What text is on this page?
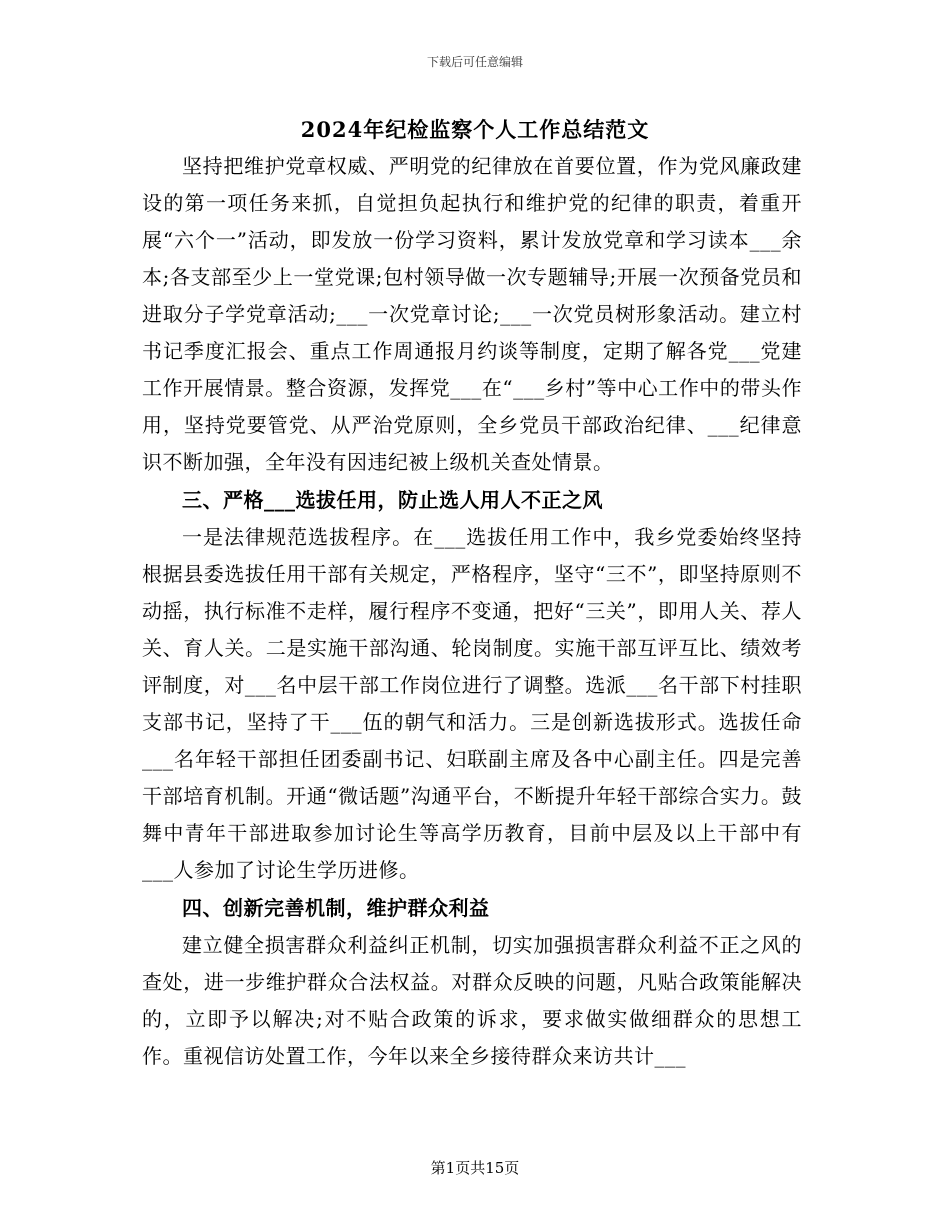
下载后可任意编辑
2024年纪检监察个人工作总结范文

坚持把维护党章权威、严明党的纪律放在首要位置，作为党风廉政建设的第一项任务来抓，自觉担负起执行和维护党的纪律的职责，着重开展“六个一”活动，即发放一份学习资料，累计发放党章和学习读本___余本;各支部至少上一堂党课;包村领导做一次专题辅导;开展一次预备党员和进取分子学党章活动;___一次党章讨论;___一次党员树形象活动。建立村书记季度汇报会、重点工作周通报月约谈等制度，定期了解各党___党建工作开展情景。整合资源，发挥党___在“___乡村”等中心工作中的带头作用，坚持党要管党、从严治党原则，全乡党员干部政治纪律、___纪律意识不断加强，全年没有因违纪被上级机关查处情景。

三、严格___选拔任用，防止选人用人不正之风

一是法律规范选拔程序。在___选拔任用工作中，我乡党委始终坚持根据县委选拔任用干部有关规定，严格程序，坚守“三不”，即坚持原则不动摇，执行标准不走样，履行程序不变通，把好“三关”，即用人关、荐人关、育人关。二是实施干部沟通、轮岗制度。实施干部互评互比、绩效考评制度，对___名中层干部工作岗位进行了调整。选派___名干部下村挂职支部书记，坚持了干___伍的朝气和活力。三是创新选拔形式。选拔任命___名年轻干部担任团委副书记、妇联副主席及各中心副主任。四是完善干部培育机制。开通“微话题”沟通平台，不断提升年轻干部综合实力。鼓舞中青年干部进取参加讨论生等高学历教育，目前中层及以上干部中有___人参加了讨论生学历进修。

四、创新完善机制，维护群众利益

建立健全损害群众利益纠正机制，切实加强损害群众利益不正之风的查处，进一步维护群众合法权益。对群众反映的问题，凡贴合政策能解决的，立即予以解决;对不贴合政策的诉求，要求做实做细群众的思想工作。重视信访处置工作，今年以来全乡接待群众来访共计___

第1页共15页
